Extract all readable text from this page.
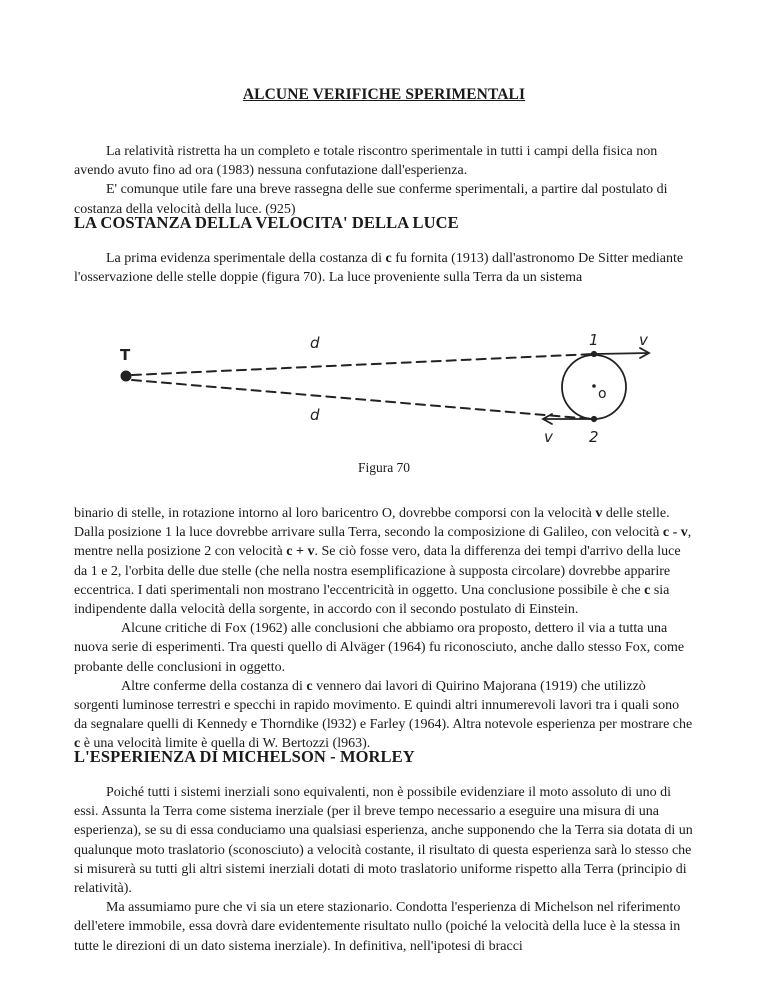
ALCUNE VERIFICHE SPERIMENTALI

La relatività ristretta ha un completo e totale riscontro sperimentale in tutti i campi della fisica non avendo avuto fino ad ora (1983) nessuna confutazione dall'esperienza.

E' comunque utile fare una breve rassegna delle sue conferme sperimentali, a partire dal postulato di costanza della velocità della luce. (925)

LA COSTANZA DELLA VELOCITA' DELLA LUCE

La prima evidenza sperimentale della costanza di c fu fornita (1913) dall'astronomo De Sitter mediante l'osservazione delle stelle doppie (figura 70). La luce proveniente sulla Terra da un sistema

T
d
d
1
2
v
v
o
Figura 70

binario di stelle, in rotazione intorno al loro baricentro O, dovrebbe comporsi con la velocità v delle stelle. Dalla posizione 1 la luce dovrebbe arrivare sulla Terra, secondo la composizione di Galileo, con velocità c - v, mentre nella posizione 2 con velocità c + v. Se ciò fosse vero, data la differenza dei tempi d'arrivo della luce da 1 e 2, l'orbita delle due stelle (che nella nostra esemplificazione à supposta circolare) dovrebbe apparire eccentrica. I dati sperimentali non mostrano l'eccentricità in oggetto. Una conclusione possibile è che c sia indipendente dalla velocità della sorgente, in accordo con il secondo postulato di Einstein.

Alcune critiche di Fox (1962) alle conclusioni che abbiamo ora proposto, dettero il via a tutta una nuova serie di esperimenti. Tra questi quello di Alväger (1964) fu riconosciuto, anche dallo stesso Fox, come probante delle conclusioni in oggetto.

Altre conferme della costanza di c vennero dai lavori di Quirino Majorana (1919) che utilizzò sorgenti luminose terrestri e specchi in rapido movimento. E quindi altri innumerevoli lavori tra i quali sono da segnalare quelli di Kennedy e Thorndike (l932) e Farley (1964). Altra notevole esperienza per mostrare che c è una velocità limite è quella di W. Bertozzi (l963).

L'ESPERIENZA DI MICHELSON - MORLEY

Poiché tutti i sistemi inerziali sono equivalenti, non è possibile evidenziare il moto assoluto di uno di essi. Assunta la Terra come sistema inerziale (per il breve tempo necessario a eseguire una misura di una esperienza), se su di essa conduciamo una qualsiasi esperienza, anche supponendo che la Terra sia dotata di un qualunque moto traslatorio (sconosciuto) a velocità costante, il risultato di questa esperienza sarà lo stesso che si misurerà su tutti gli altri sistemi inerziali dotati di moto traslatorio uniforme rispetto alla Terra (principio di relatività).

Ma assumiamo pure che vi sia un etere stazionario. Condotta l'esperienza di Michelson nel riferimento dell'etere immobile, essa dovrà dare evidentemente risultato nullo (poiché la velocità della luce è la stessa in tutte le direzioni di un dato sistema inerziale). In definitiva, nell'ipotesi di bracci
